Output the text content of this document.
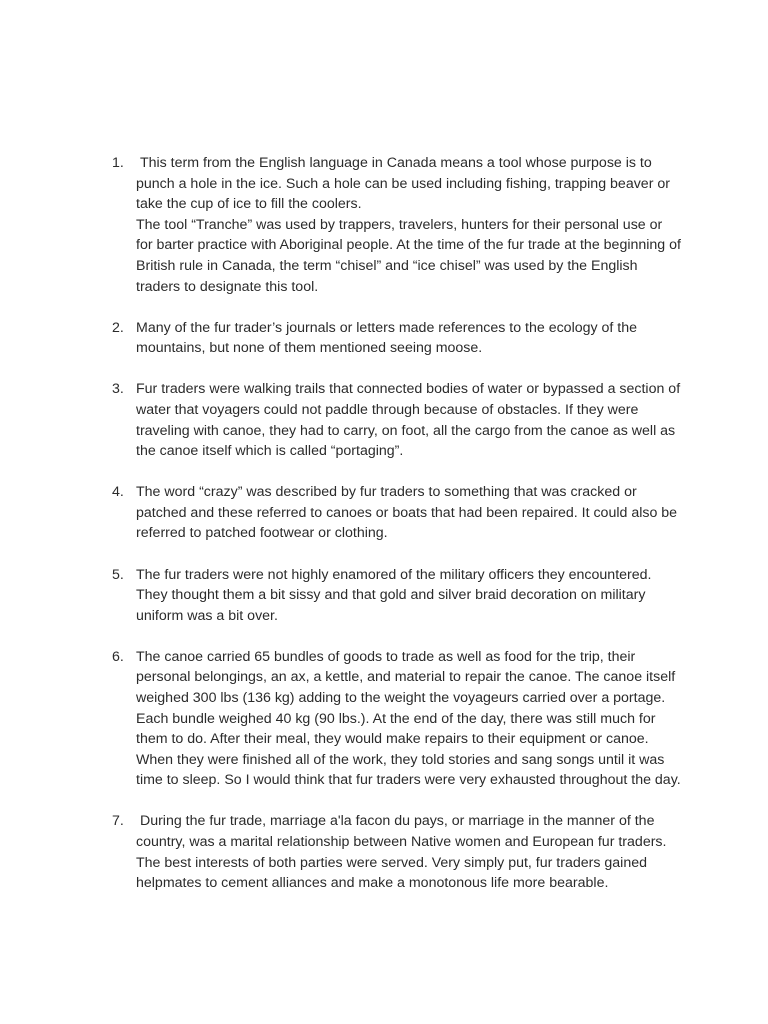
1. This term from the English language in Canada means a tool whose purpose is to punch a hole in the ice. Such a hole can be used including fishing, trapping beaver or take the cup of ice to fill the coolers.
The tool “Tranche” was used by trappers, travelers, hunters for their personal use or for barter practice with Aboriginal people. At the time of the fur trade at the beginning of British rule in Canada, the term “chisel” and “ice chisel” was used by the English traders to designate this tool.
2. Many of the fur trader’s journals or letters made references to the ecology of the mountains, but none of them mentioned seeing moose.
3. Fur traders were walking trails that connected bodies of water or bypassed a section of water that voyagers could not paddle through because of obstacles. If they were traveling with canoe, they had to carry, on foot, all the cargo from the canoe as well as the canoe itself which is called “portaging”.
4. The word “crazy” was described by fur traders to something that was cracked or patched and these referred to canoes or boats that had been repaired. It could also be referred to patched footwear or clothing.
5. The fur traders were not highly enamored of the military officers they encountered. They thought them a bit sissy and that gold and silver braid decoration on military uniform was a bit over.
6. The canoe carried 65 bundles of goods to trade as well as food for the trip, their personal belongings, an ax, a kettle, and material to repair the canoe. The canoe itself weighed 300 lbs (136 kg) adding to the weight the voyageurs carried over a portage. Each bundle weighed 40 kg (90 lbs.). At the end of the day, there was still much for them to do. After their meal, they would make repairs to their equipment or canoe. When they were finished all of the work, they told stories and sang songs until it was time to sleep. So I would think that fur traders were very exhausted throughout the day.
7. During the fur trade, marriage a'la facon du pays, or marriage in the manner of the country, was a marital relationship between Native women and European fur traders. The best interests of both parties were served. Very simply put, fur traders gained helpmates to cement alliances and make a monotonous life more bearable.
